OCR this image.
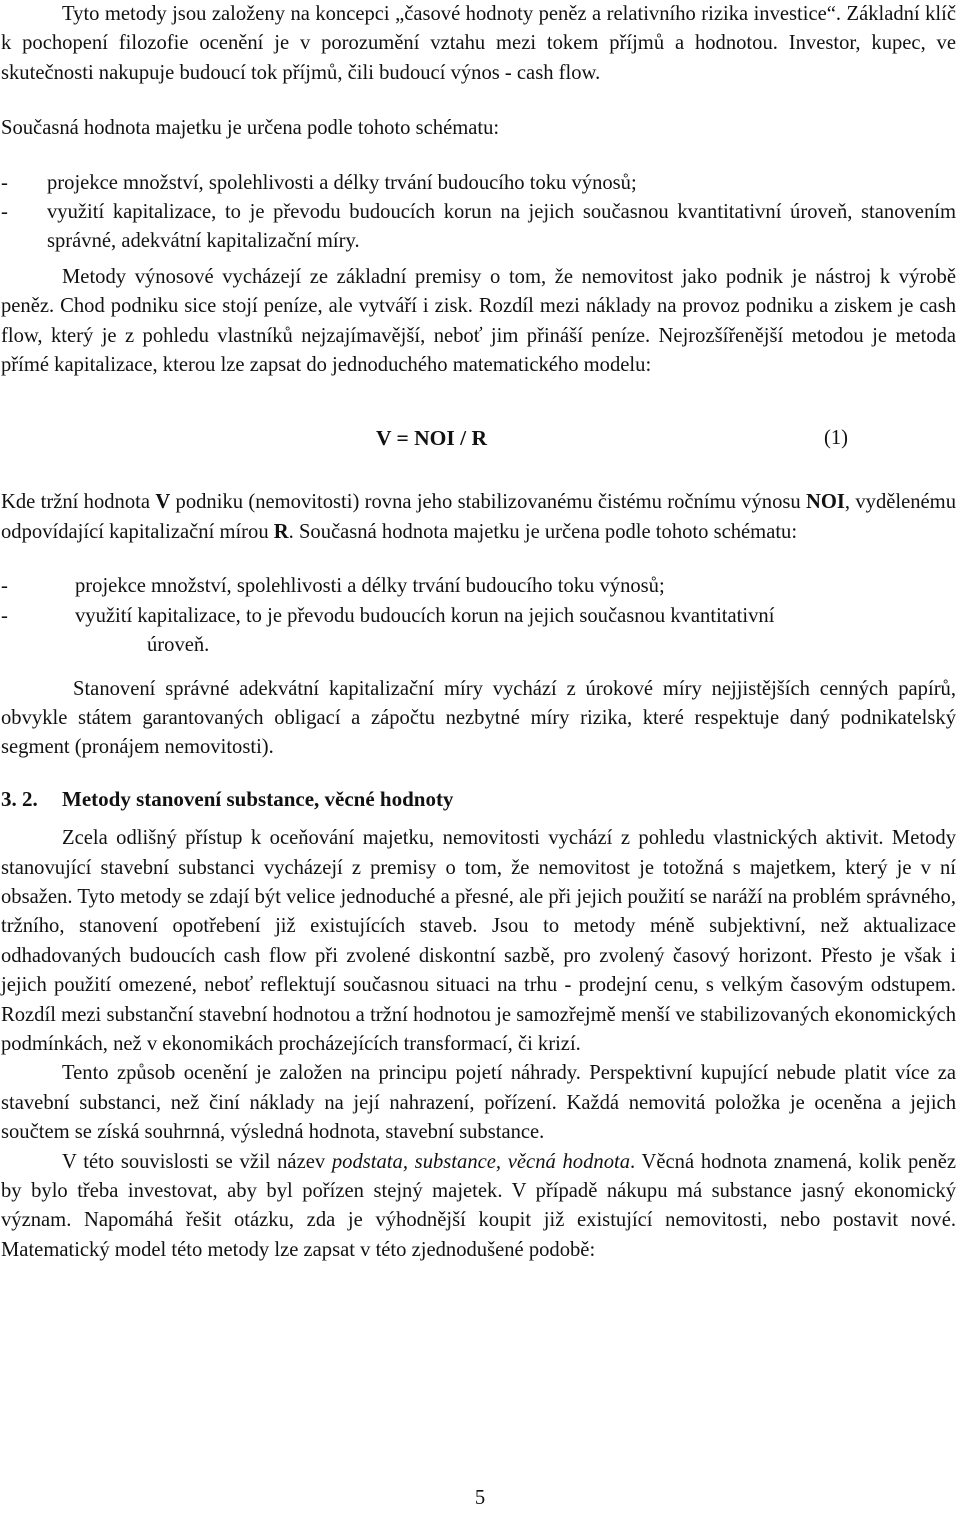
Tyto metody jsou založeny na koncepci „časové hodnoty peněz a relativního rizika investice“. Základní klíč k pochopení filozofie ocenění je v porozumění vztahu mezi tokem příjmů a hodnotou. Investor, kupec, ve skutečnosti nakupuje budoucí tok příjmů, čili budoucí výnos - cash flow.

Současná hodnota majetku je určena podle tohoto schématu:

- projekce množství, spolehlivosti a délky trvání budoucího toku výnosů;
- využití kapitalizace, to je převodu budoucích korun na jejich současnou kvantitativní úroveň, stanovením správné, adekvátní kapitalizační míry.

Metody výnosové vycházejí ze základní premisy o tom, že nemovitost jako podnik je nástroj k výrobě peněz. Chod podniku sice stojí peníze, ale vytváří i zisk. Rozdíl mezi náklady na provoz podniku a ziskem je cash flow, který je z pohledu vlastníků nejzajímavější, neboť jim přináší peníze. Nejrozšířenější metodou je metoda přímé kapitalizace, kterou lze zapsat do jednoduchého matematického modelu:

V = NOI / R	(1)

Kde tržní hodnota V podniku (nemovitosti) rovna jeho stabilizovanému čistému ročnímu výnosu NOI, vydělenému odpovídající kapitalizační mírou R. Současná hodnota majetku je určena podle tohoto schématu:

-	projekce množství, spolehlivosti a délky trvání budoucího toku výnosů;
-	využití kapitalizace, to je převodu budoucích korun na jejich současnou kvantitativní

úroveň.

Stanovení správné adekvátní kapitalizační míry vychází z úrokové míry nejjistějších cenných papírů, obvykle státem garantovaných obligací a zápočtu nezbytné míry rizika, které respektuje daný podnikatelský segment (pronájem nemovitosti).

3. 2. Metody stanovení substance, věcné hodnoty

Zcela odlišný přístup k oceňování majetku, nemovitosti vychází z pohledu vlastnických aktivit. Metody stanovující stavební substanci vycházejí z premisy o tom, že nemovitost je totožná s majetkem, který je v ní obsažen. Tyto metody se zdají být velice jednoduché a přesné, ale při jejich použití se naráží na problém správného, tržního, stanovení opotřebení již existujících staveb. Jsou to metody méně subjektivní, než aktualizace odhadovaných budoucích cash flow při zvolené diskontní sazbě, pro zvolený časový horizont. Přesto je však i jejich použití omezené, neboť reflektují současnou situaci na trhu - prodejní cenu, s velkým časovým odstupem. Rozdíl mezi substanční stavební hodnotou a tržní hodnotou je samozřejmě menší ve stabilizovaných ekonomických podmínkách, než v ekonomikách procházejících transformací, či krizí.

Tento způsob ocenění je založen na principu pojetí náhrady. Perspektivní kupující nebude platit více za stavební substanci, než činí náklady na její nahrazení, pořízení. Každá nemovitá položka je oceněna a jejich součtem se získá souhrnná, výsledná hodnota, stavební substance.

V této souvislosti se vžil název podstata, substance, věcná hodnota. Věcná hodnota znamená, kolik peněz by bylo třeba investovat, aby byl pořízen stejný majetek. V případě nákupu má substance jasný ekonomický význam. Napomáhá řešit otázku, zda je výhodnější koupit již existující nemovitosti, nebo postavit nové. Matematický model této metody lze zapsat v této zjednodušené podobě:

5
